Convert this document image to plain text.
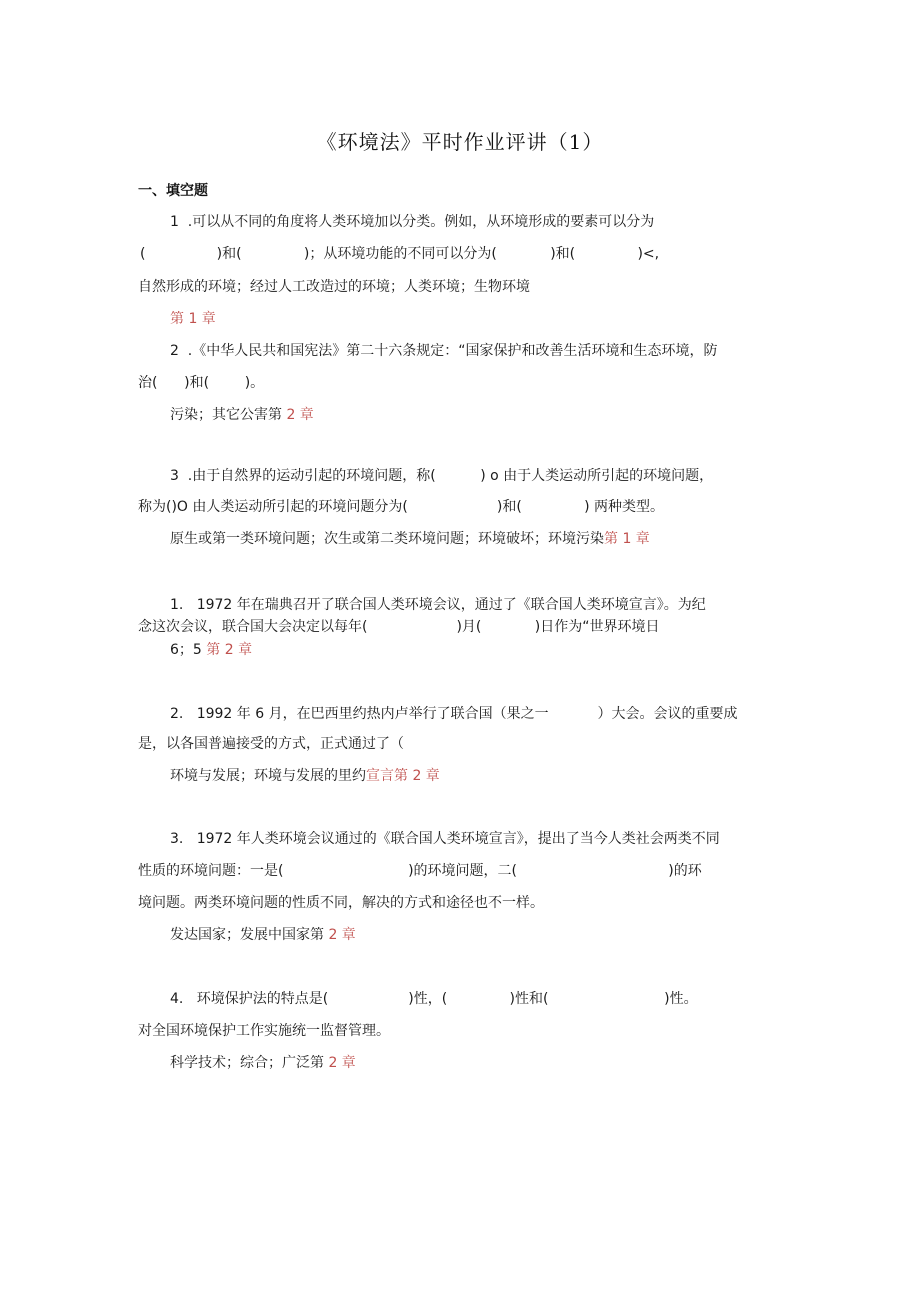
《环境法》平时作业评讲（1）
一、填空题
1  .可以从不同的角度将人类环境加以分类。例如，从环境形成的要素可以分为
(                )和(              )；从环境功能的不同可以分为(            )和(              )<,
自然形成的环境；经过人工改造过的环境；人类环境；生物环境
第 1 章
2  .《中华人民共和国宪法》第二十六条规定：“国家保护和改善生活环境和生态环境，防
治(      )和(        )。
污染；其它公害第 2 章
3  .由于自然界的运动引起的环境问题，称(          ) o 由于人类运动所引起的环境问题，
称为()O 由人类运动所引起的环境问题分为(                    )和(              ) 两种类型。
原生或第一类环境问题；次生或第二类环境问题；环境破坏；环境污染第 1 章
1.   1972 年在瑞典召开了联合国人类环境会议，通过了《联合国人类环境宣言》。为纪
念这次会议，联合国大会决定以每年(                    )月(            )日作为“世界环境日
6；5 第 2 章
2.   1992 年 6 月，在巴西里约热内卢举行了联合国（果之一           ）大会。会议的重要成
是，以各国普遍接受的方式，正式通过了（
环境与发展；环境与发展的里约宣言第 2 章
3.   1972 年人类环境会议通过的《联合国人类环境宣言》，提出了当今人类社会两类不同
性质的环境问题：一是(                            )的环境问题，二(                                  )的环
境问题。两类环境问题的性质不同，解决的方式和途径也不一样。
发达国家；发展中国家第 2 章
4.   环境保护法的特点是(                  )性，(              )性和(                          )性。
对全国环境保护工作实施统一监督管理。
科学技术；综合；广泛第 2 章
